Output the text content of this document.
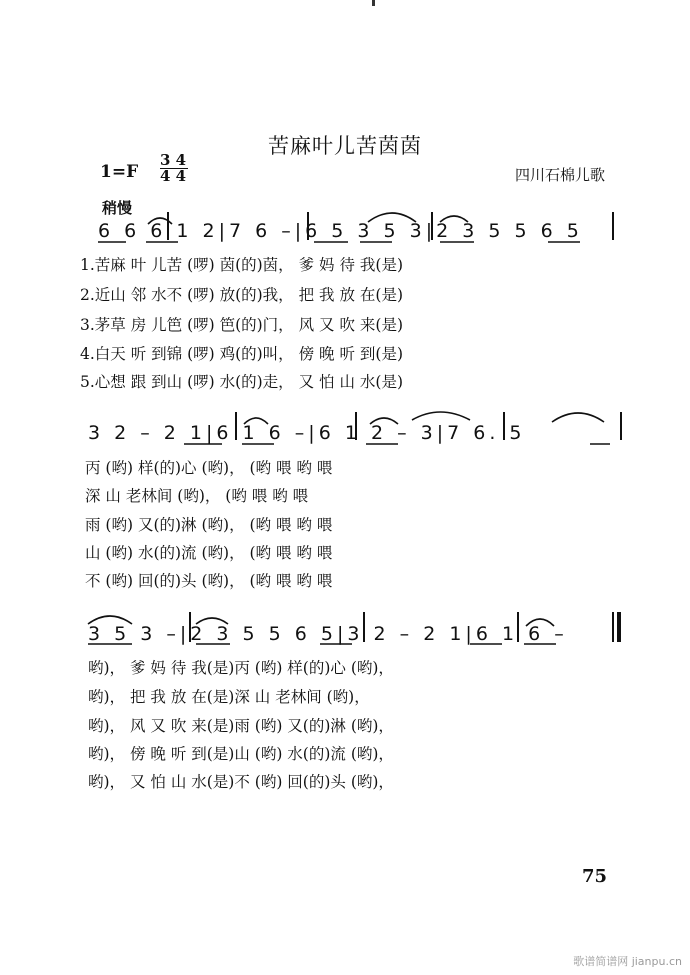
苦麻叶儿苦茵茵
1=F
3 4
4 4	四川石棉儿歌
稍慢
6 6 6 1 2|7 6 –|6 5 3 5 3|2 3 5 5 6 5
1.苦麻 叶 儿苦 (啰) 茵(的)茵， 爹 妈 待 我(是)
2.近山 邻 水不 (啰) 放(的)我， 把 我 放 在(是)
3.茅草 房 儿笆 (啰) 笆(的)门， 风 又 吹 来(是)
4.白天 听 到锦 (啰) 鸡(的)叫， 傍 晚 听 到(是)
5.心想 跟 到山 (啰) 水(的)走， 又 怕 山 水(是)
3 2 – 2 1|6 1 6 –|6 1 2 – 3|7 6. 5
丙 (哟) 样(的)心 (哟)， (哟 喂 哟 喂
深 山 老林间 (哟)， (哟 喂 哟 喂
雨 (哟) 又(的)淋 (哟)， (哟 喂 哟 喂
山 (哟) 水(的)流 (哟)， (哟 喂 哟 喂
不 (哟) 回(的)头 (哟)， (哟 喂 哟 喂
3 5 3 –|2 3 5 5 6 5|3 2 – 2 1|6 1 6 –
哟)， 爹 妈 待 我(是)丙 (哟) 样(的)心 (哟)，
哟)， 把 我 放 在(是)深 山 老林间 (哟)，
哟)， 风 又 吹 来(是)雨 (哟) 又(的)淋 (哟)，
哟)， 傍 晚 听 到(是)山 (哟) 水(的)流 (哟)，
哟)， 又 怕 山 水(是)不 (哟) 回(的)头 (哟)，
75
歌谱简谱网 jianpu.cn
